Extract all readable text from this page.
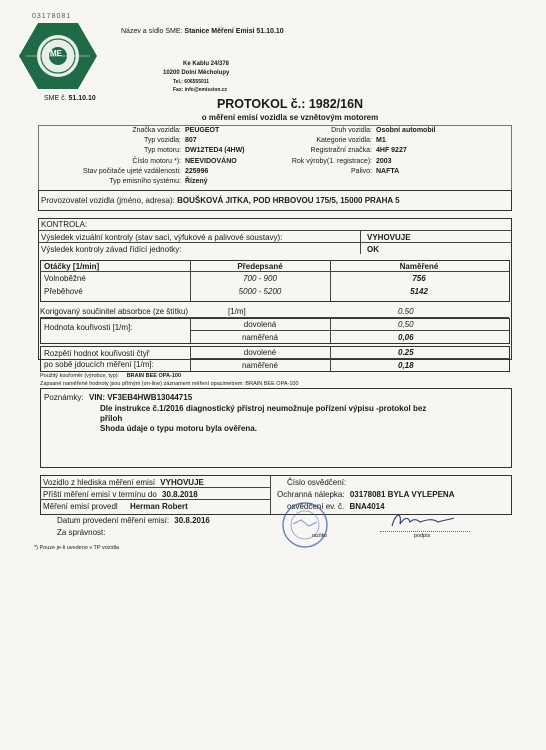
03178081
ME
Název a sídlo SME: Stanice Měření Emisí 51.10.10
Ke Kablu 24/378
10200 Dolní Měcholupy
Tel.: 606555011
Fax: info@emission.cz
SME č. 51.10.10	PROTOKOL č.: 1982/16N
o měření emisí vozidla se vznětovým motorem
Značka vozidla: PEUGEOT
Typ vozidla: 807
Typ motoru: DW12TED4 (4HW)
Číslo motoru *): NEEVIDOVÁNO
Stav počitače ujeté vzdálenosti: 225996
Typ emisního systému: Řízený
Druh vozidla: Osobní automobil
Kategorie vozidla: M1
Registrační značka: 4HF 9227
Rok výroby(1. registrace): 2003
Palivo: NAFTA
Provozovatel vozidla (jméno, adresa): BOUŠKOVÁ JITKA, POD HRBOVOU 175/5, 15000 PRAHA 5
KONTROLA:
Výsledek vizuální kontroly (stav sací, výfukové a palivové soustavy):	VYHOVUJE
Výsledek kontroly závad řídící jednotky:	OK
Otáčky [1/min]	Předepsané	Naměřené
Volnoběžné	700 - 900	756
Přeběhové	5000 - 5200	5142
Korigovaný součinitel absorbce (ze štítku)	[1/m]	0.50
Hodnota kouřivosti [1/m]:	dovolená	0,50
naměřená	0,06
Rozpětí hodnot kouřivosti čtyř
po sobě jdoucích měření [1/m]:
dovolené	0.25
naměřené	0,18
Použitý kouřoměr (výrobce, typ): BRAIN BEE OPA-100
Zapsané naměřené hodnoty jsou přímým (on-line) záznamem měření opacimetrem: BRAIN BEE OPA-100
Poznámky: VIN: VF3EB4HWB13044715
Dle instrukce č.1/2016 diagnostický přístroj neumožnuje pořízení výpisu -protokol bez
příloh
Shoda údaje o typu motoru byla ověřena.
Vozidlo z hlediska měření emisí VYHOVUJE
Příští měření emisí v termínu do 30.8.2018
Měření emisí provedl Herman Robert
Číslo osvědčení:
Ochranná nálepka: 03178081 BYLA VYLEPENA
osvědčení ev. č. BNA4014
Datum provedení měření emisí: 30.8.2016
Za správnost:	razítko	podpis
*) Pouze je-li uvedeno v TP vozidla
